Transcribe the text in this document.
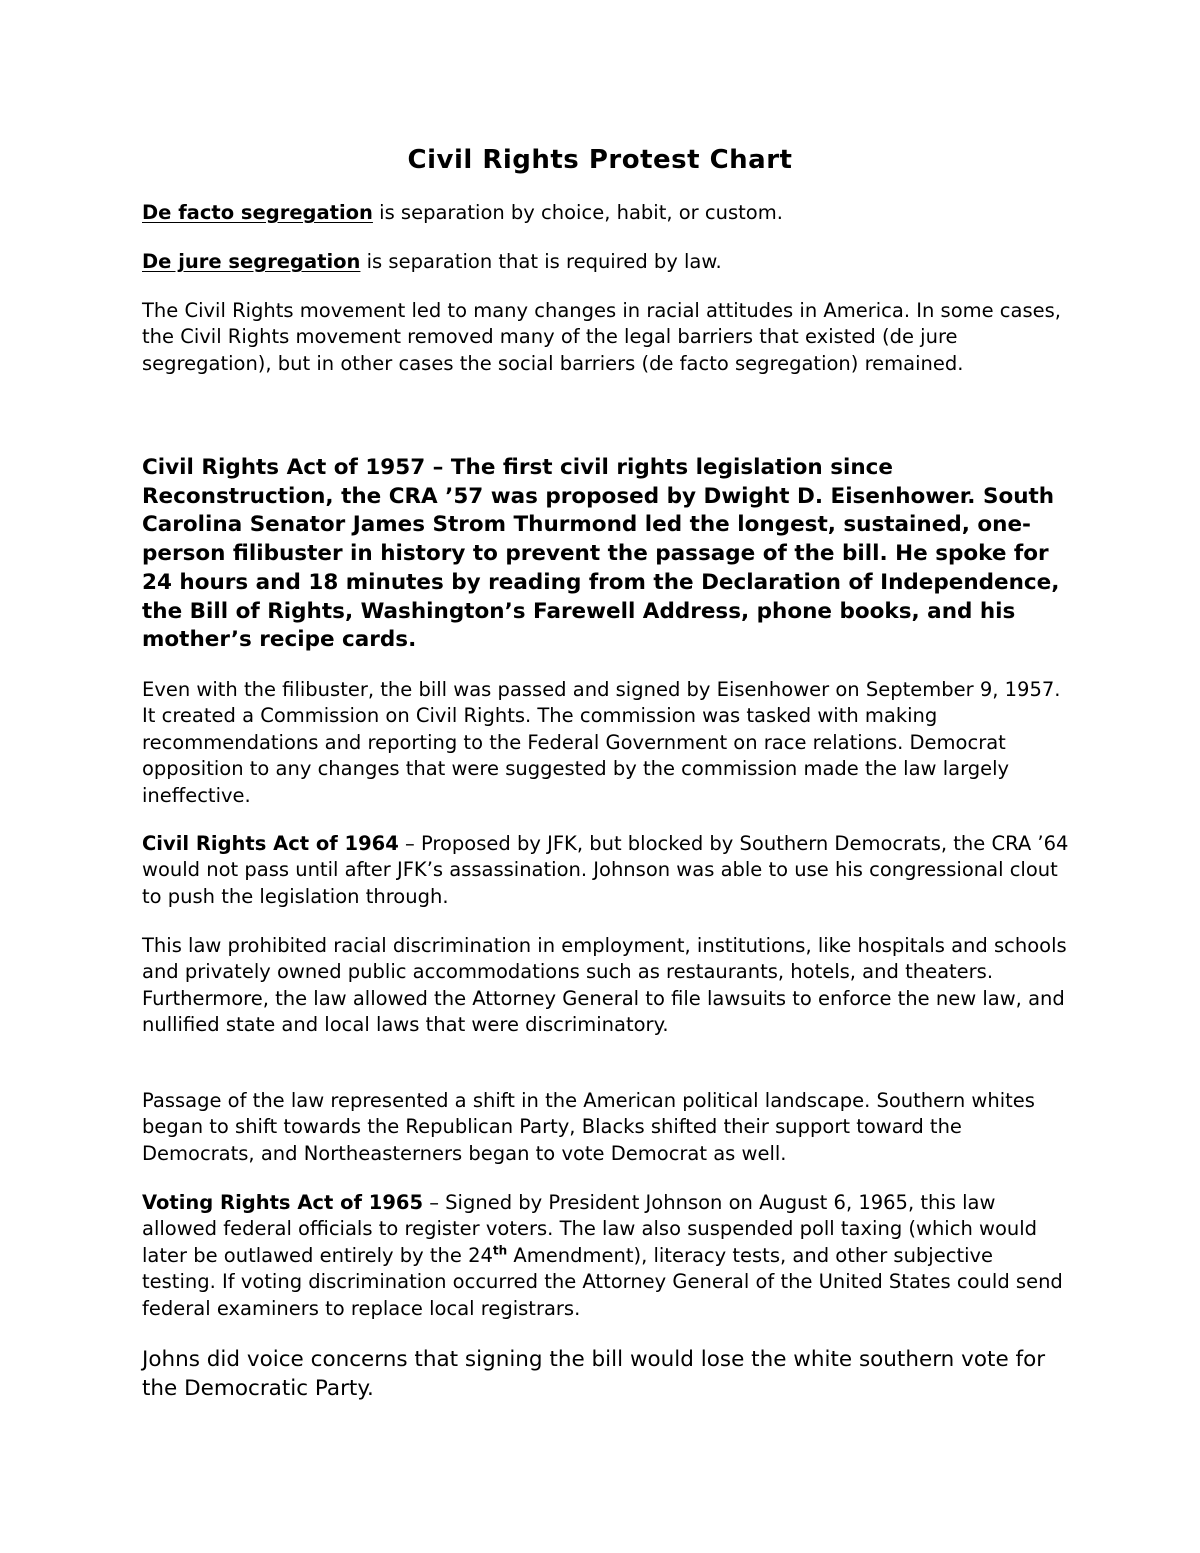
Civil Rights Protest Chart

De facto segregation is separation by choice, habit, or custom.

De jure segregation is separation that is required by law.

The Civil Rights movement led to many changes in racial attitudes in America. In some cases, the Civil Rights movement removed many of the legal barriers that existed (de jure segregation), but in other cases the social barriers (de facto segregation) remained.

Civil Rights Act of 1957 – The first civil rights legislation since Reconstruction, the CRA ’57 was proposed by Dwight D. Eisenhower. South Carolina Senator James Strom Thurmond led the longest, sustained, one-person filibuster in history to prevent the passage of the bill. He spoke for 24 hours and 18 minutes by reading from the Declaration of Independence, the Bill of Rights, Washington’s Farewell Address, phone books, and his mother’s recipe cards.

Even with the filibuster, the bill was passed and signed by Eisenhower on September 9, 1957. It created a Commission on Civil Rights. The commission was tasked with making recommendations and reporting to the Federal Government on race relations. Democrat opposition to any changes that were suggested by the commission made the law largely ineffective.

Civil Rights Act of 1964 – Proposed by JFK, but blocked by Southern Democrats, the CRA ’64 would not pass until after JFK’s assassination. Johnson was able to use his congressional clout to push the legislation through.

This law prohibited racial discrimination in employment, institutions, like hospitals and schools and privately owned public accommodations such as restaurants, hotels, and theaters. Furthermore, the law allowed the Attorney General to file lawsuits to enforce the new law, and nullified state and local laws that were discriminatory.

Passage of the law represented a shift in the American political landscape. Southern whites began to shift towards the Republican Party, Blacks shifted their support toward the Democrats, and Northeasterners began to vote Democrat as well.

Voting Rights Act of 1965 – Signed by President Johnson on August 6, 1965, this law allowed federal officials to register voters. The law also suspended poll taxing (which would later be outlawed entirely by the 24th Amendment), literacy tests, and other subjective testing. If voting discrimination occurred the Attorney General of the United States could send federal examiners to replace local registrars.

Johns did voice concerns that signing the bill would lose the white southern vote for the Democratic Party.
